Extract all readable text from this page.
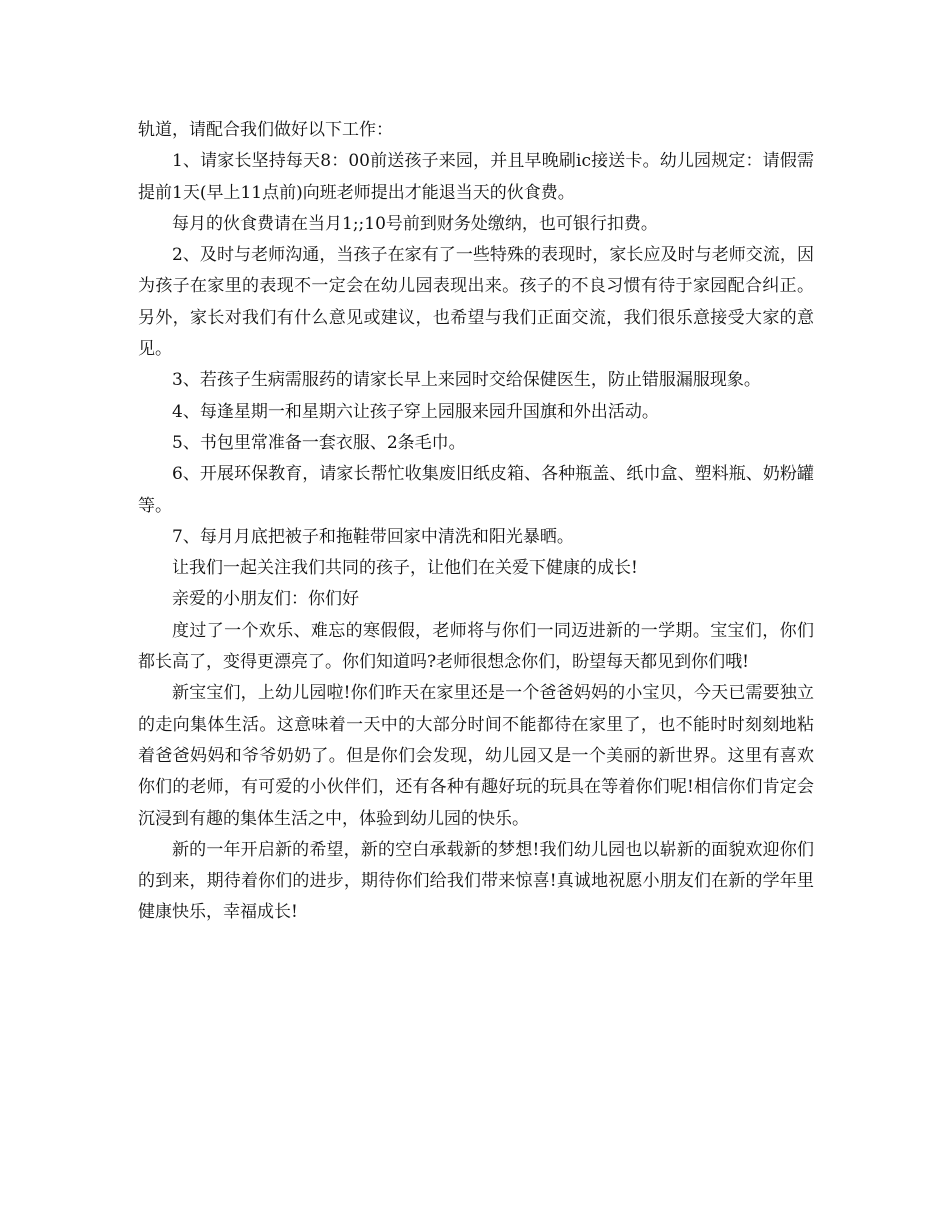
轨道，请配合我们做好以下工作：

1、请家长坚持每天8：00前送孩子来园，并且早晚刷ic接送卡。幼儿园规定：请假需提前1天(早上11点前)向班老师提出才能退当天的伙食费。

每月的伙食费请在当月1;;10号前到财务处缴纳，也可银行扣费。

2、及时与老师沟通，当孩子在家有了一些特殊的表现时，家长应及时与老师交流，因为孩子在家里的表现不一定会在幼儿园表现出来。孩子的不良习惯有待于家园配合纠正。另外，家长对我们有什么意见或建议，也希望与我们正面交流，我们很乐意接受大家的意见。

3、若孩子生病需服药的请家长早上来园时交给保健医生，防止错服漏服现象。

4、每逢星期一和星期六让孩子穿上园服来园升国旗和外出活动。

5、书包里常准备一套衣服、2条毛巾。

6、开展环保教育，请家长帮忙收集废旧纸皮箱、各种瓶盖、纸巾盒、塑料瓶、奶粉罐等。

7、每月月底把被子和拖鞋带回家中清洗和阳光暴晒。

让我们一起关注我们共同的孩子，让他们在关爱下健康的成长!

亲爱的小朋友们：你们好

度过了一个欢乐、难忘的寒假假，老师将与你们一同迈进新的一学期。宝宝们，你们都长高了，变得更漂亮了。你们知道吗?老师很想念你们，盼望每天都见到你们哦!

新宝宝们，上幼儿园啦!你们昨天在家里还是一个爸爸妈妈的小宝贝，今天已需要独立的走向集体生活。这意味着一天中的大部分时间不能都待在家里了，也不能时时刻刻地粘着爸爸妈妈和爷爷奶奶了。但是你们会发现，幼儿园又是一个美丽的新世界。这里有喜欢你们的老师，有可爱的小伙伴们，还有各种有趣好玩的玩具在等着你们呢!相信你们肯定会沉浸到有趣的集体生活之中，体验到幼儿园的快乐。

新的一年开启新的希望，新的空白承载新的梦想!我们幼儿园也以崭新的面貌欢迎你们的到来，期待着你们的进步，期待你们给我们带来惊喜!真诚地祝愿小朋友们在新的学年里健康快乐，幸福成长!
